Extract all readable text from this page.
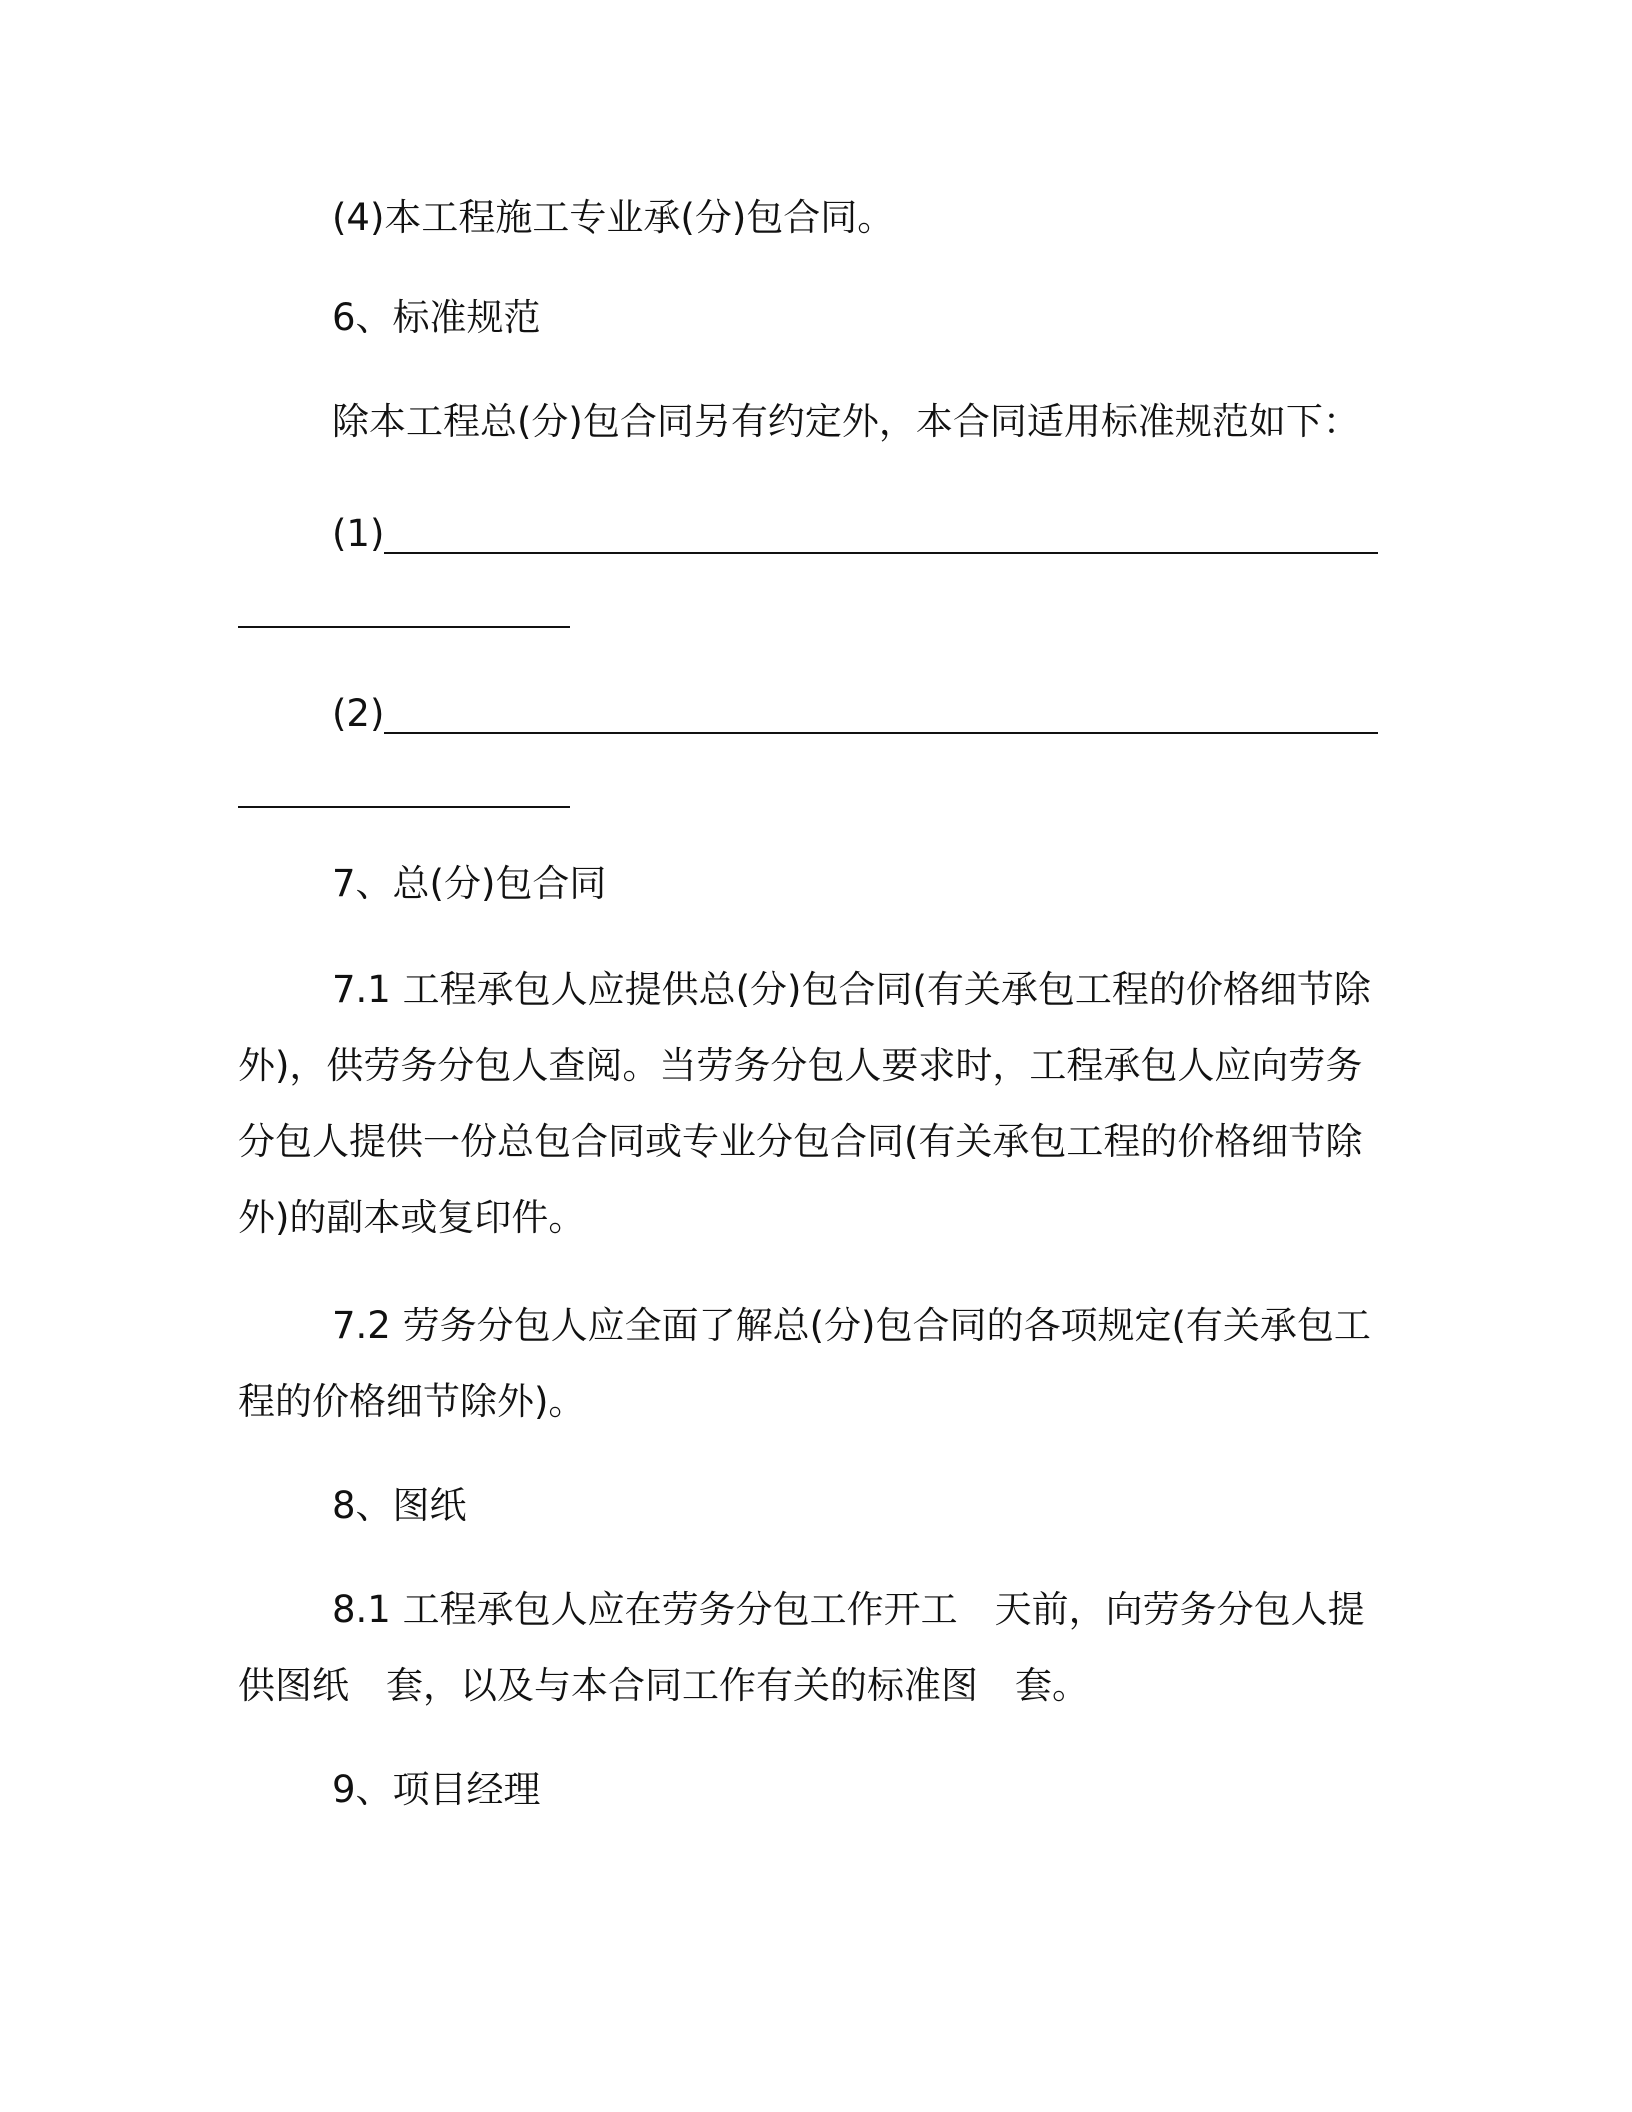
(4)本工程施工专业承(分)包合同。
6、标准规范
除本工程总(分)包合同另有约定外，本合同适用标准规范如下：
(1)
(2)
7、总(分)包合同
7.1 工程承包人应提供总(分)包合同(有关承包工程的价格细节除
外)，供劳务分包人查阅。当劳务分包人要求时，工程承包人应向劳务
分包人提供一份总包合同或专业分包合同(有关承包工程的价格细节除
外)的副本或复印件。
7.2 劳务分包人应全面了解总(分)包合同的各项规定(有关承包工
程的价格细节除外)。
8、图纸
8.1 工程承包人应在劳务分包工作开工　天前，向劳务分包人提
供图纸　套，以及与本合同工作有关的标准图　套。
9、项目经理
